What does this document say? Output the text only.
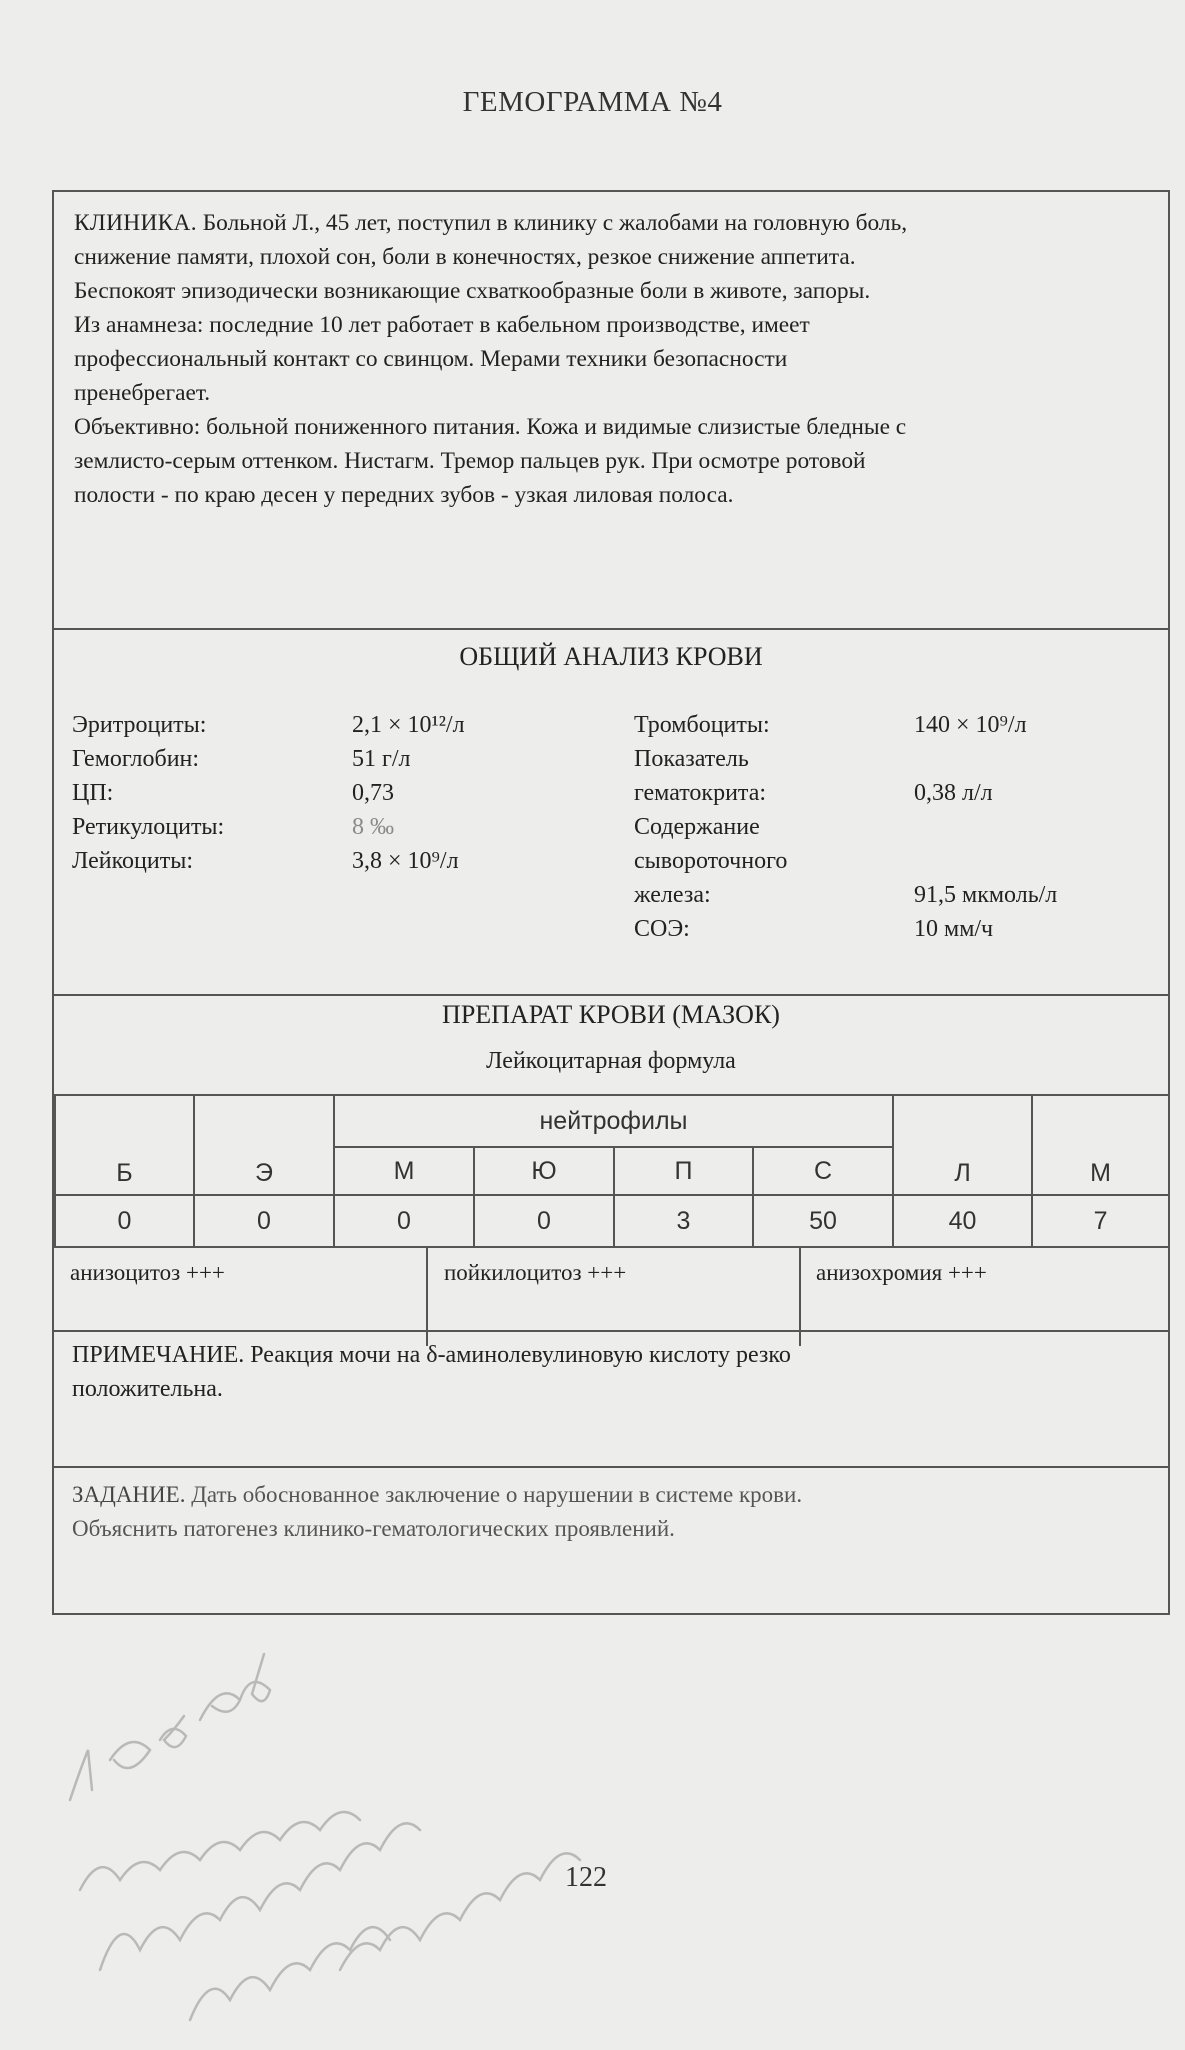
ГЕМОГРАММА №4

КЛИНИКА. Больной Л., 45 лет, поступил в клинику с жалобами на головную боль,

снижение памяти, плохой сон, боли в конечностях, резкое снижение аппетита.

Беспокоят эпизодически возникающие схваткообразные боли в животе, запоры.

Из анамнеза: последние 10 лет работает в кабельном производстве, имеет

профессиональный контакт со свинцом. Мерами техники безопасности

пренебрегает.

Объективно: больной пониженного питания. Кожа и видимые слизистые бледные с

землисто-серым оттенком. Нистагм. Тремор пальцев рук. При осмотре ротовой

полости - по краю десен у передних зубов - узкая лиловая полоса.

ОБЩИЙ АНАЛИЗ КРОВИ
Эритроциты:	2,1 × 10¹²/л
Гемоглобин:	51 г/л
ЦП:	0,73
Ретикулоциты:	8 ‰
Лейкоциты:	3,8 × 10⁹/л
Тромбоциты:	140 × 10⁹/л
Показатель
гематокрита:	0,38 л/л
Содержание
сывороточного
железа:	91,5 мкмоль/л
СОЭ:	10 мм/ч
ПРЕПАРАТ КРОВИ (МАЗОК)
Лейкоцитарная формула
Б	Э	нейтрофилы				Л	М
		М	Ю	П	С		
0	0	0	0	3	50	40	7
анизоцитоз +++	пойкилоцитоз +++	анизохромия +++
ПРИМЕЧАНИЕ. Реакция мочи на δ-аминолевулиновую кислоту резко
положительна.
ЗАДАНИЕ. Дать обоснованное заключение о нарушении в системе крови.
Объяснить патогенез клинико-гематологических проявлений.
122
